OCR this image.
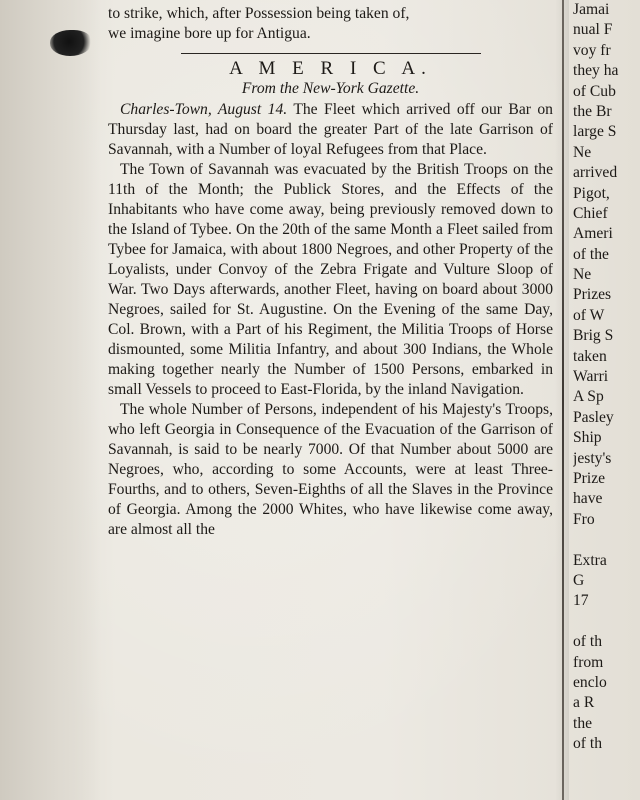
to strike, which, after Possession being taken of,
we imagine bore up for Antigua.
A M E R I C A.
From the New-York Gazette.

Charles-Town, August 14. The Fleet which arrived off our Bar on Thursday last, had on board the greater Part of the late Garrison of Savannah, with a Number of loyal Refugees from that Place.

The Town of Savannah was evacuated by the British Troops on the 11th of the Month; the Publick Stores, and the Effects of the Inhabitants who have come away, being previously removed down to the Island of Tybee. On the 20th of the same Month a Fleet sailed from Tybee for Jamaica, with about 1800 Negroes, and other Property of the Loyalists, under Convoy of the Zebra Frigate and Vulture Sloop of War. Two Days afterwards, another Fleet, having on board about 3000 Negroes, sailed for St. Augustine. On the Evening of the same Day, Col. Brown, with a Part of his Regiment, the Militia Troops of Horse dismounted, some Militia Infantry, and about 300 Indians, the Whole making together nearly the Number of 1500 Persons, embarked in small Vessels to proceed to East-Florida, by the inland Navigation.

The whole Number of Persons, independent of his Majesty's Troops, who left Georgia in Consequence of the Evacuation of the Garrison of Savannah, is said to be nearly 7000. Of that Number about 5000 are Negroes, who, according to some Accounts, were at least Three-Fourths, and to others, Seven-Eighths of all the Slaves in the Province of Georgia. Among the 2000 Whites, who have likewise come away, are almost all the

Jamai
nual F
voy fr
they ha
of Cub
the Br
large S
Ne
arrived
Pigot,
Chief
Ameri
of the
Ne
Prizes
of W
Brig S
taken
Warri
A Sp
Pasley
Ship
jesty's
Prize
have
Fro
Extra
G
17
of th
from
enclo
a R
the
of th
